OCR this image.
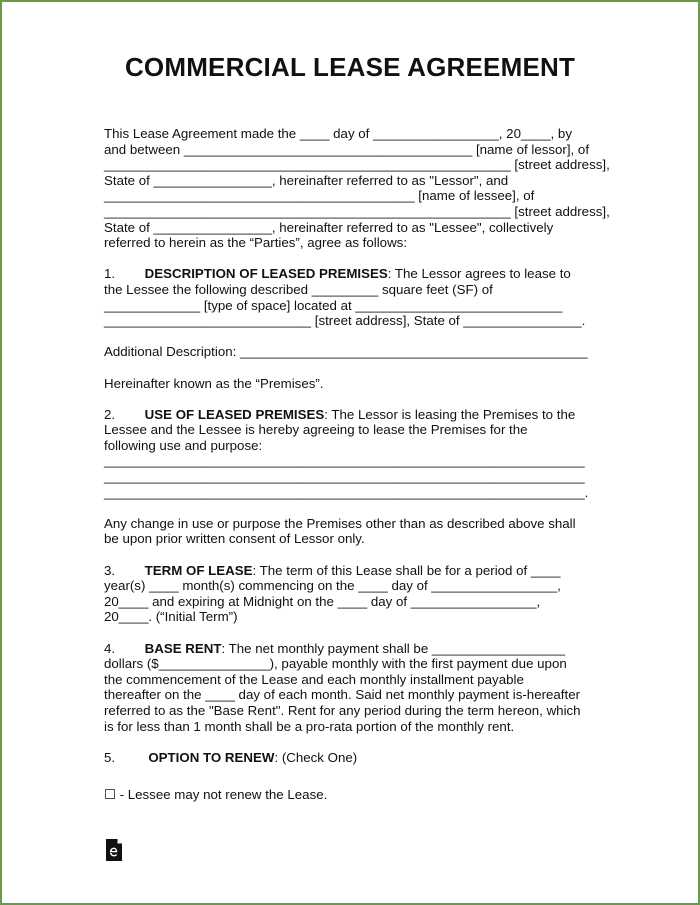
COMMERCIAL LEASE AGREEMENT
This Lease Agreement made the ____ day of _________________, 20____, by
and between _______________________________________ [name of lessor], of
_______________________________________________________ [street address],
State of ________________, hereinafter referred to as "Lessor", and
__________________________________________ [name of lessee], of
_______________________________________________________ [street address],
State of ________________, hereinafter referred to as "Lessee", collectively
referred to herein as the “Parties”, agree as follows:
1. DESCRIPTION OF LEASED PREMISES: The Lessor agrees to lease to
the Lessee the following described _________ square feet (SF) of
_____________ [type of space] located at ____________________________
____________________________ [street address], State of ________________.
Additional Description: _______________________________________________
Hereinafter known as the “Premises”.
2. USE OF LEASED PREMISES: The Lessor is leasing the Premises to the
Lessee and the Lessee is hereby agreeing to lease the Premises for the
following use and purpose:
_________________________________________________________________
_________________________________________________________________
_________________________________________________________________.
Any change in use or purpose the Premises other than as described above shall
be upon prior written consent of Lessor only.
3. TERM OF LEASE: The term of this Lease shall be for a period of ____
year(s) ____ month(s) commencing on the ____ day of _________________,
20____ and expiring at Midnight on the ____ day of _________________,
20____. (“Initial Term”)
4. BASE RENT: The net monthly payment shall be __________________
dollars ($_______________), payable monthly with the first payment due upon
the commencement of the Lease and each monthly installment payable
thereafter on the ____ day of each month. Said net monthly payment is-hereafter
referred to as the "Base Rent". Rent for any period during the term hereon, which
is for less than 1 month shall be a pro-rata portion of the monthly rent.
5.	OPTION TO RENEW: (Check One)
☐ - Lessee may not renew the Lease.
